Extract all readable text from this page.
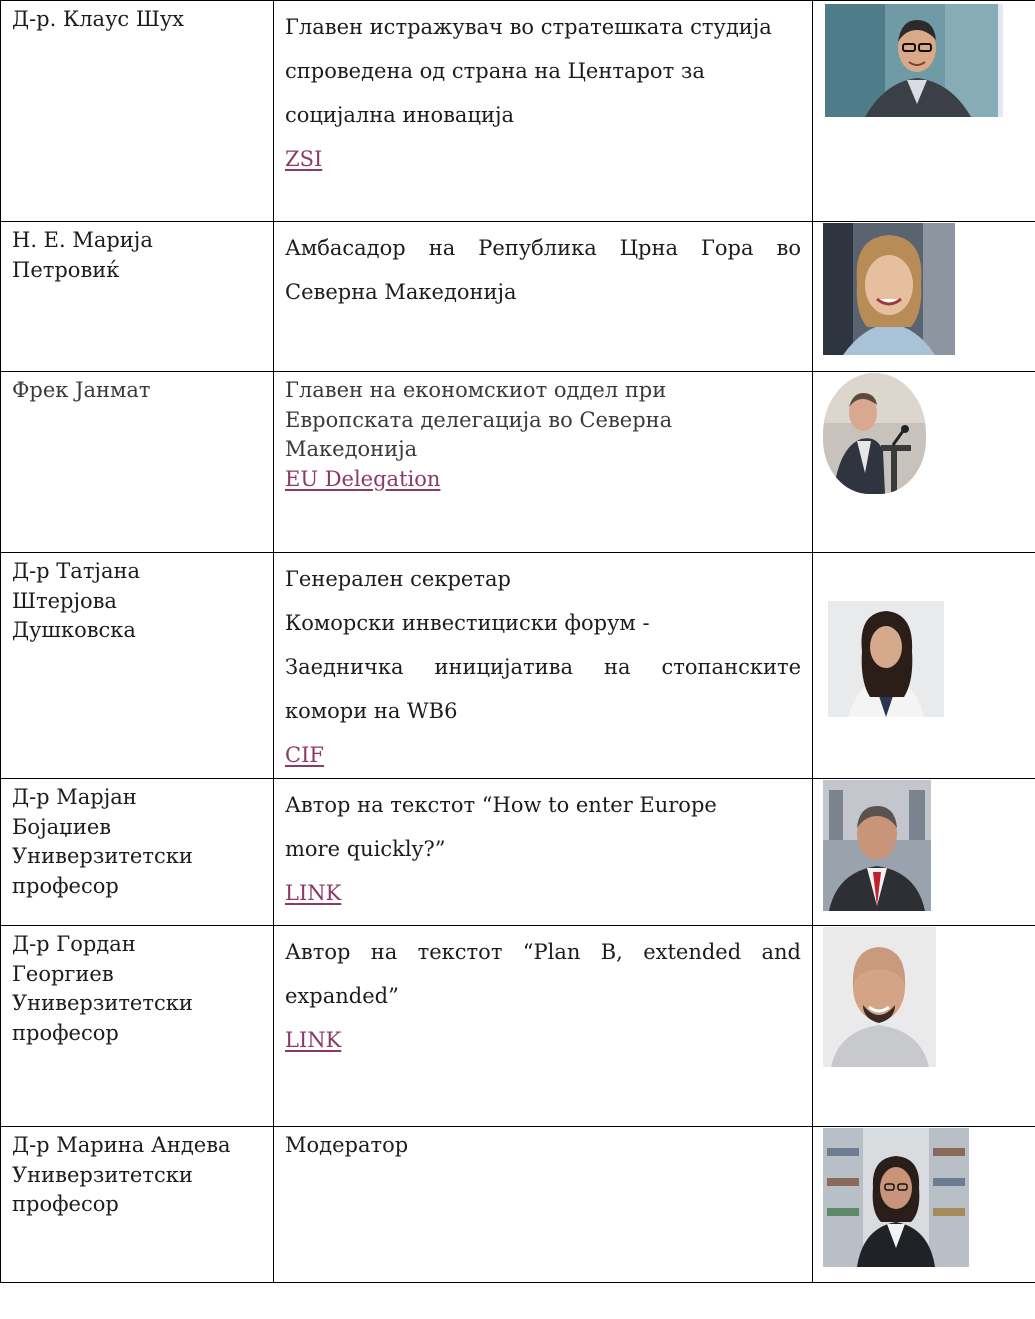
Д-р. Клаус Шух	Главен истражувач во стратешката студија
спроведена од страна на Центарот за
социјална иновација
ZSI

Н. Е. Марија
Петровиќ	Амбасадор на Република Црна Гора во
Северна Македонија

Фрек Јанмат	Главен на економскиот оддел при
Европската делегација во Северна
Македонија
EU Delegation

Д-р Татјана
Штерјова
Душковска	Генерален секретар
Коморски инвестициски форум -
Заедничка иницијатива на стопанските
комори на WB6
CIF

Д-р Марјан
Бојаџиев
Универзитетски
професор	Автор на текстот “How to enter Europe
more quickly?”
LINK

Д-р Гордан
Георгиев
Универзитетски
професор	Автор на текстот “Plan B, extended and
expanded”
LINK

Д-р Марина Андева
Универзитетски
професор	Модератор
